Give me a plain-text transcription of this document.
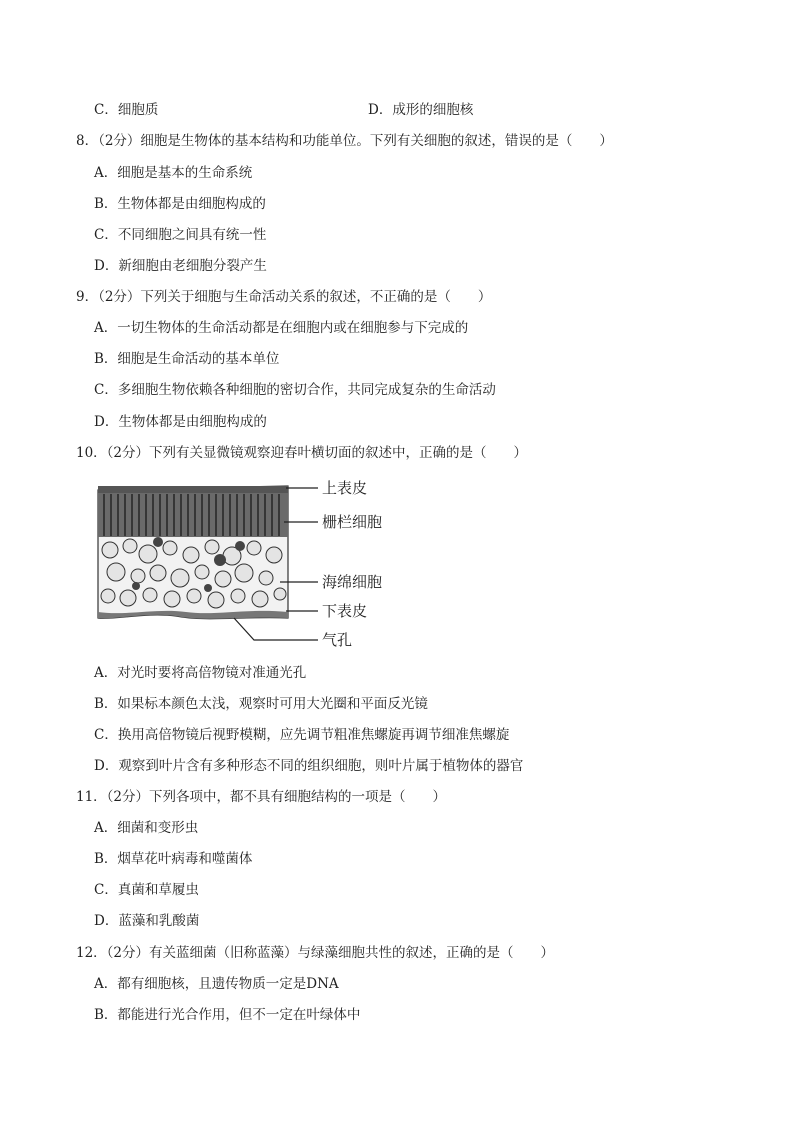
C．细胞质	D．成形的细胞核
8．（2分）细胞是生物体的基本结构和功能单位。下列有关细胞的叙述，错误的是（　　）
A．细胞是基本的生命系统
B．生物体都是由细胞构成的
C．不同细胞之间具有统一性
D．新细胞由老细胞分裂产生
9．（2分）下列关于细胞与生命活动关系的叙述，不正确的是（　　）
A．一切生物体的生命活动都是在细胞内或在细胞参与下完成的
B．细胞是生命活动的基本单位
C．多细胞生物依赖各种细胞的密切合作，共同完成复杂的生命活动
D．生物体都是由细胞构成的
10．（2分）下列有关显微镜观察迎春叶横切面的叙述中，正确的是（　　）
上表皮
栅栏细胞
海绵细胞
下表皮
气孔
A．对光时要将高倍物镜对准通光孔
B．如果标本颜色太浅，观察时可用大光圈和平面反光镜
C．换用高倍物镜后视野模糊，应先调节粗准焦螺旋再调节细准焦螺旋
D．观察到叶片含有多种形态不同的组织细胞，则叶片属于植物体的器官
11．（2分）下列各项中，都不具有细胞结构的一项是（　　）
A．细菌和变形虫
B．烟草花叶病毒和噬菌体
C．真菌和草履虫
D．蓝藻和乳酸菌
12．（2分）有关蓝细菌（旧称蓝藻）与绿藻细胞共性的叙述，正确的是（　　）
A．都有细胞核，且遗传物质一定是DNA
B．都能进行光合作用，但不一定在叶绿体中
